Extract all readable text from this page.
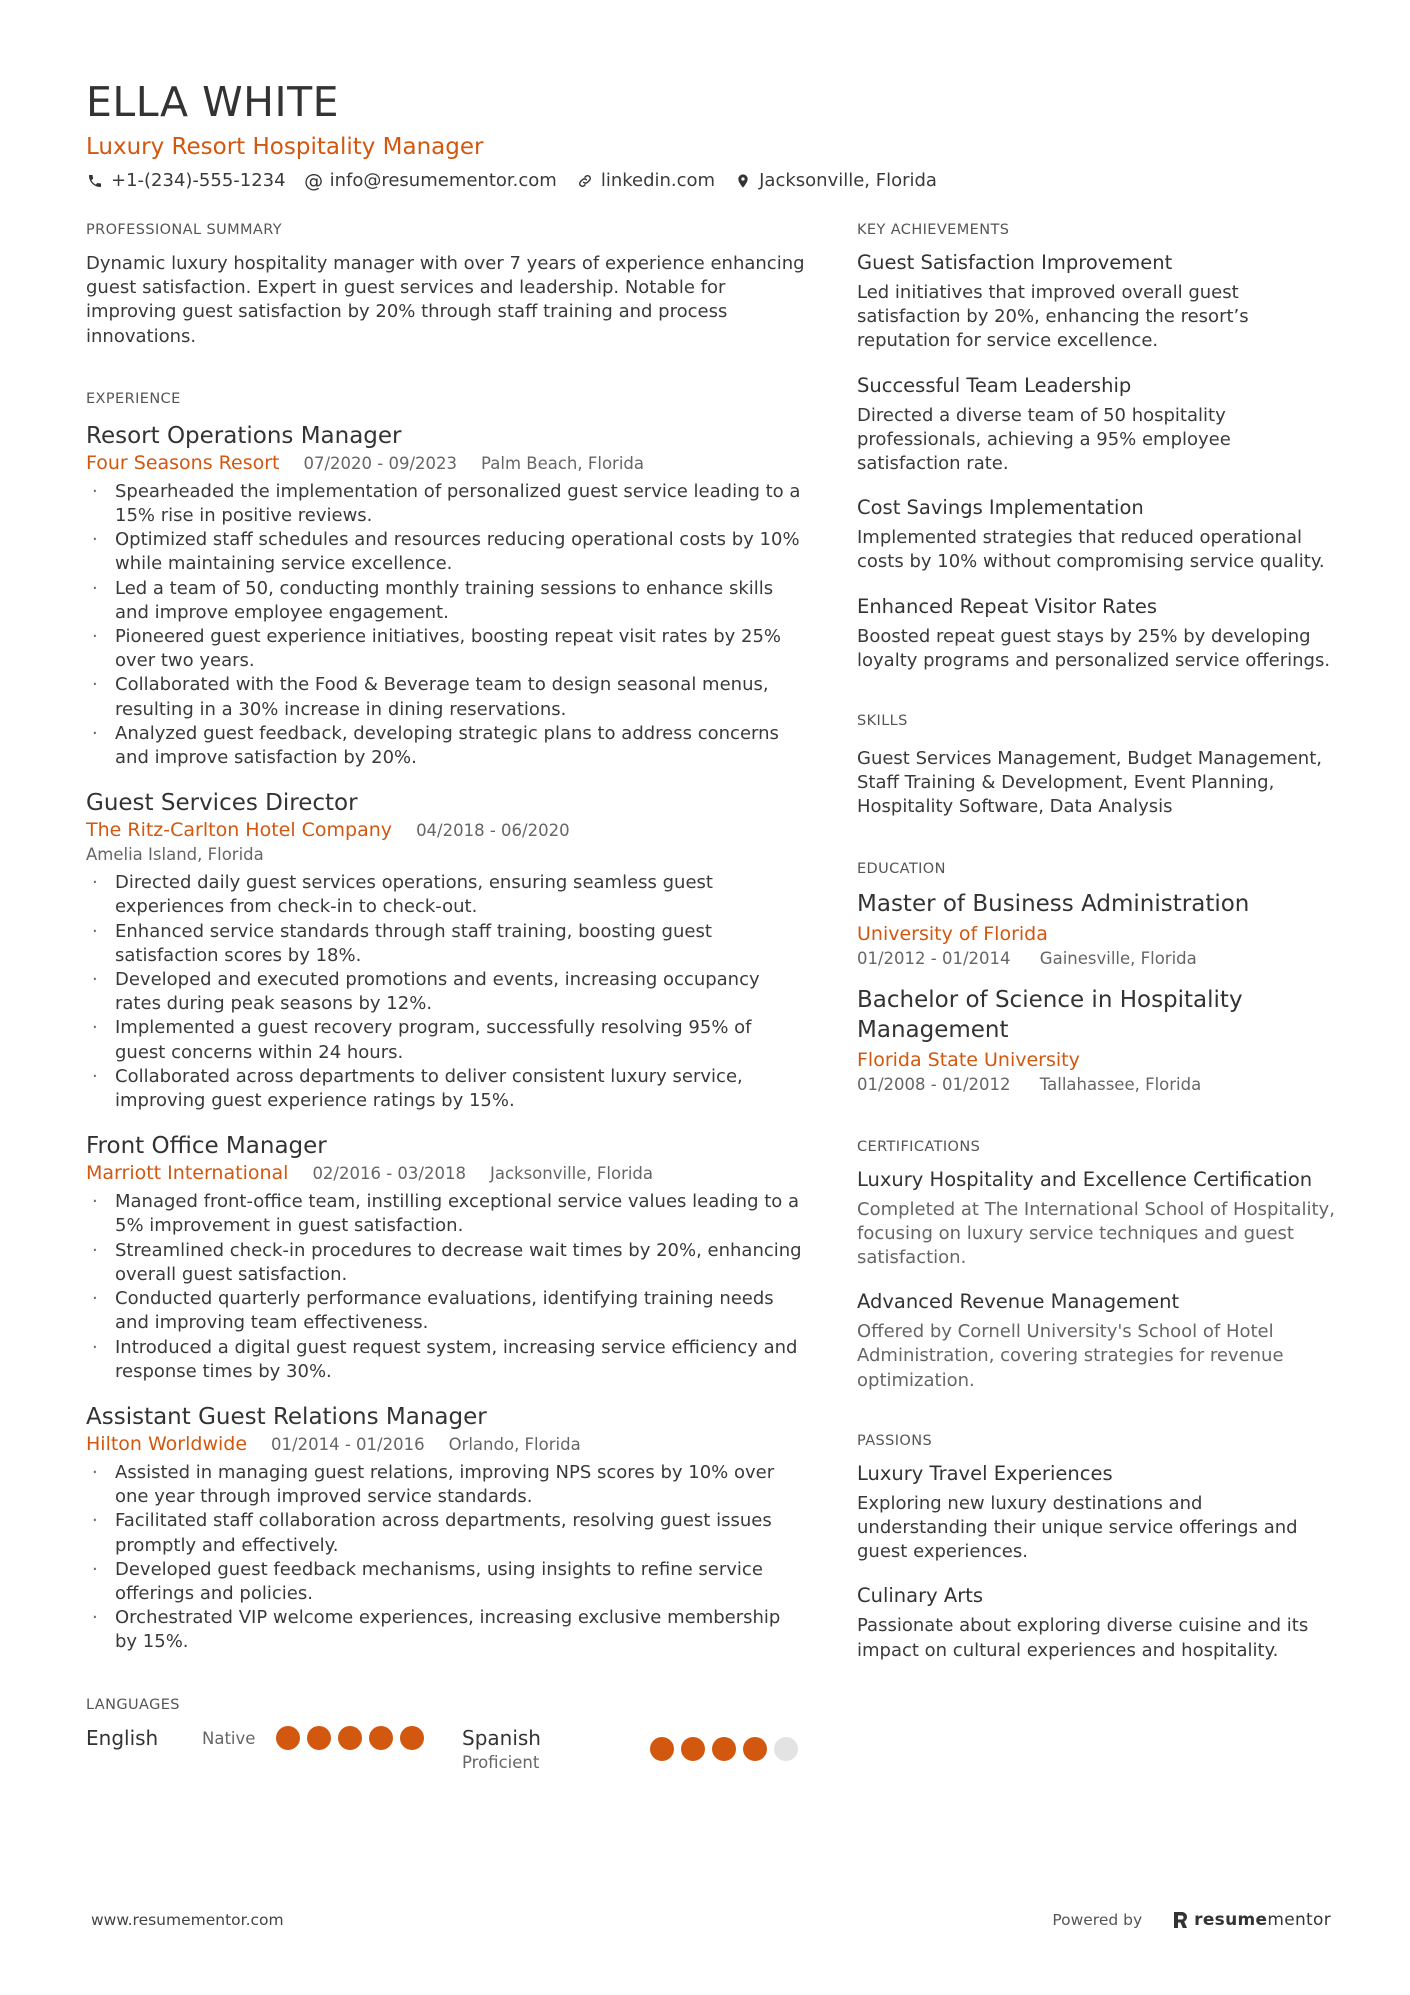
ELLA WHITE
Luxury Resort Hospitality Manager
+1-(234)-555-1234 @ info@resumementor.com linkedin.com Jacksonville, Florida
PROFESSIONAL SUMMARY
Dynamic luxury hospitality manager with over 7 years of experience enhancing guest satisfaction. Expert in guest services and leadership. Notable for improving guest satisfaction by 20% through staff training and process innovations.
EXPERIENCE
Resort Operations Manager
Four Seasons Resort 07/2020 - 09/2023 Palm Beach, Florida
· Spearheaded the implementation of personalized guest service leading to a 15% rise in positive reviews.
· Optimized staff schedules and resources reducing operational costs by 10% while maintaining service excellence.
· Led a team of 50, conducting monthly training sessions to enhance skills and improve employee engagement.
· Pioneered guest experience initiatives, boosting repeat visit rates by 25% over two years.
· Collaborated with the Food & Beverage team to design seasonal menus, resulting in a 30% increase in dining reservations.
· Analyzed guest feedback, developing strategic plans to address concerns and improve satisfaction by 20%.
Guest Services Director
The Ritz-Carlton Hotel Company 04/2018 - 06/2020
Amelia Island, Florida
· Directed daily guest services operations, ensuring seamless guest experiences from check-in to check-out.
· Enhanced service standards through staff training, boosting guest satisfaction scores by 18%.
· Developed and executed promotions and events, increasing occupancy rates during peak seasons by 12%.
· Implemented a guest recovery program, successfully resolving 95% of guest concerns within 24 hours.
· Collaborated across departments to deliver consistent luxury service, improving guest experience ratings by 15%.
Front Office Manager
Marriott International 02/2016 - 03/2018 Jacksonville, Florida
· Managed front-office team, instilling exceptional service values leading to a 5% improvement in guest satisfaction.
· Streamlined check-in procedures to decrease wait times by 20%, enhancing overall guest satisfaction.
· Conducted quarterly performance evaluations, identifying training needs and improving team effectiveness.
· Introduced a digital guest request system, increasing service efficiency and response times by 30%.
Assistant Guest Relations Manager
Hilton Worldwide 01/2014 - 01/2016 Orlando, Florida
· Assisted in managing guest relations, improving NPS scores by 10% over one year through improved service standards.
· Facilitated staff collaboration across departments, resolving guest issues promptly and effectively.
· Developed guest feedback mechanisms, using insights to refine service offerings and policies.
· Orchestrated VIP welcome experiences, increasing exclusive membership by 15%.
LANGUAGES
English	Native	Spanish
Proficient
KEY ACHIEVEMENTS
Guest Satisfaction Improvement
Led initiatives that improved overall guest satisfaction by 20%, enhancing the resort’s reputation for service excellence.
Successful Team Leadership
Directed a diverse team of 50 hospitality professionals, achieving a 95% employee satisfaction rate.
Cost Savings Implementation
Implemented strategies that reduced operational costs by 10% without compromising service quality.
Enhanced Repeat Visitor Rates
Boosted repeat guest stays by 25% by developing loyalty programs and personalized service offerings.
SKILLS
Guest Services Management, Budget Management, Staff Training & Development, Event Planning, Hospitality Software, Data Analysis
EDUCATION
Master of Business Administration
University of Florida
01/2012 - 01/2014 Gainesville, Florida
Bachelor of Science in Hospitality Management
Florida State University
01/2008 - 01/2012 Tallahassee, Florida
CERTIFICATIONS
Luxury Hospitality and Excellence Certification
Completed at The International School of Hospitality, focusing on luxury service techniques and guest satisfaction.
Advanced Revenue Management
Offered by Cornell University's School of Hotel Administration, covering strategies for revenue optimization.
PASSIONS
Luxury Travel Experiences
Exploring new luxury destinations and understanding their unique service offerings and guest experiences.
Culinary Arts
Passionate about exploring diverse cuisine and its impact on cultural experiences and hospitality.
www.resumementor.com	Powered by	resume mentor
